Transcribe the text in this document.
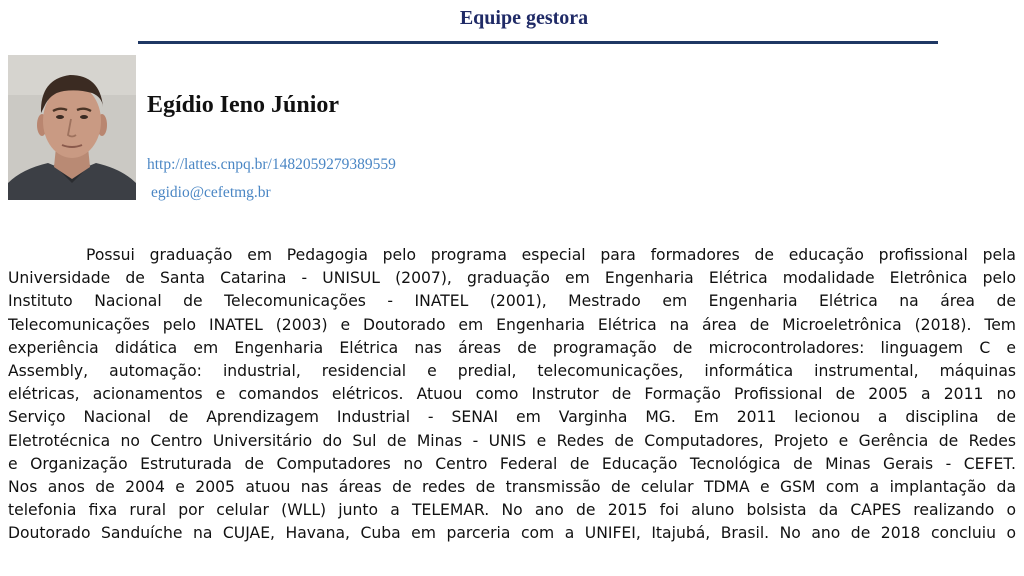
Equipe gestora
Egídio Ieno Júnior
http://lattes.cnpq.br/1482059279389559
egidio@cefetmg.br
Possui graduação em Pedagogia pelo programa especial para formadores de educação profissional pela
Universidade de Santa Catarina - UNISUL (2007), graduação em Engenharia Elétrica modalidade Eletrônica pelo
Instituto Nacional de Telecomunicações - INATEL (2001), Mestrado em Engenharia Elétrica na área de
Telecomunicações pelo INATEL (2003) e Doutorado em Engenharia Elétrica na área de Microeletrônica (2018). Tem
experiência didática em Engenharia Elétrica nas áreas de programação de microcontroladores: linguagem C e
Assembly, automação: industrial, residencial e predial, telecomunicações, informática instrumental, máquinas
elétricas, acionamentos e comandos elétricos. Atuou como Instrutor de Formação Profissional de 2005 a 2011 no
Serviço Nacional de Aprendizagem Industrial - SENAI em Varginha MG. Em 2011 lecionou a disciplina de
Eletrotécnica no Centro Universitário do Sul de Minas - UNIS e Redes de Computadores, Projeto e Gerência de Redes
e Organização Estruturada de Computadores no Centro Federal de Educação Tecnológica de Minas Gerais - CEFET.
Nos anos de 2004 e 2005 atuou nas áreas de redes de transmissão de celular TDMA e GSM com a implantação da
telefonia fixa rural por celular (WLL) junto a TELEMAR. No ano de 2015 foi aluno bolsista da CAPES realizando o
Doutorado Sanduíche na CUJAE, Havana, Cuba em parceria com a UNIFEI, Itajubá, Brasil. No ano de 2018 concluiu o
